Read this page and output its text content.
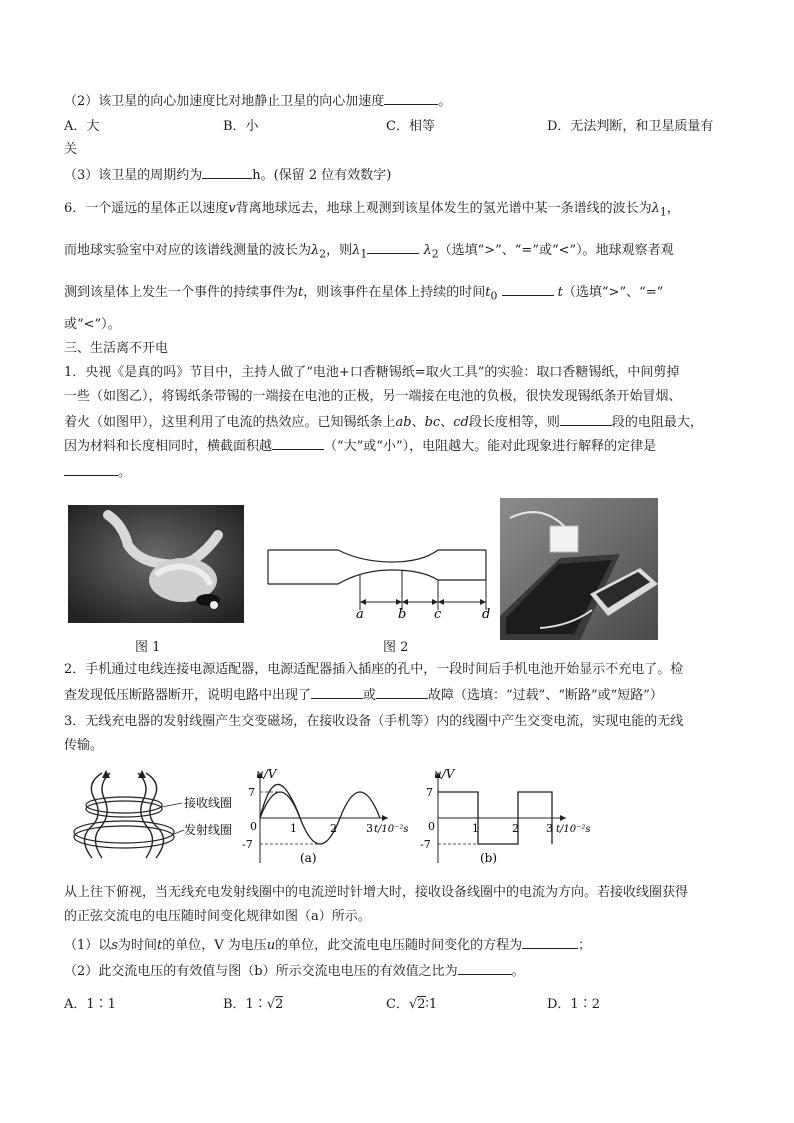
（2）该卫星的向心加速度比对地静止卫星的向心加速度	。
A．大	B．小	C．相等	D．无法判断，和卫星质量有
关
（3）该卫星的周期约为	h。(保留 2 位有效数字)
6．一个遥远的星体正以速度v背离地球远去，地球上观测到该星体发生的氢光谱中某一条谱线的波长为$\lambda_1$，
而地球实验室中对应的该谱线测量的波长为$\lambda_2$，则$\lambda_1$	$\lambda_2$（选填“>”、“=”或“<”）。地球观察者观
测到该星体上发生一个事件的持续事件为t，则该事件在星体上持续的时间$t_0$	t（选填“>”、“=”
或“<”）。
三、生活离不开电
1．央视《是真的吗》节目中，主持人做了“电池+口香糖锡纸=取火工具”的实验：取口香糖锡纸，中间剪掉
一些（如图乙），将锡纸条带锡的一端接在电池的正极，另一端接在电池的负极，很快发现锡纸条开始冒烟、
着火（如图甲），这里利用了电流的热效应。已知锡纸条上ab、bc、cd段长度相等，则	段的电阻最大，
因为材料和长度相同时，横截面积越	（“大”或“小”），电阻越大。能对此现象进行解释的定律是
。
a	b c	d
图 1	图 2
2．手机通过电线连接电源适配器，电源适配器插入插座的孔中，一段时间后手机电池开始显示不充电了。检
查发现低压断路器断开，说明电路中出现了	或	故障（选填：“过载”、“断路”或“短路”）
3．无线充电器的发射线圈产生交变磁场，在接收设备（手机等）内的线圈中产生交变电流，实现电能的无线
传输。
接收线圈
发射线圈
u/V
7
-7
0	1	2	3 t/10⁻²s
(a)
u/V
7
-7
0	1	2 3 t/10⁻²s
(b)
从上往下俯视，当无线充电发射线圈中的电流逆时针增大时，接收设备线圈中的电流为方向。若接收线圈获得
的正弦交流电的电压随时间变化规律如图（a）所示。
（1）以s为时间t的单位，V 为电压u的单位，此交流电电压随时间变化的方程为	；
（2）此交流电压的有效值与图（b）所示交流电电压的有效值之比为	。
A．1∶1	B．1∶√2	C．√2∶1	D．1∶2
